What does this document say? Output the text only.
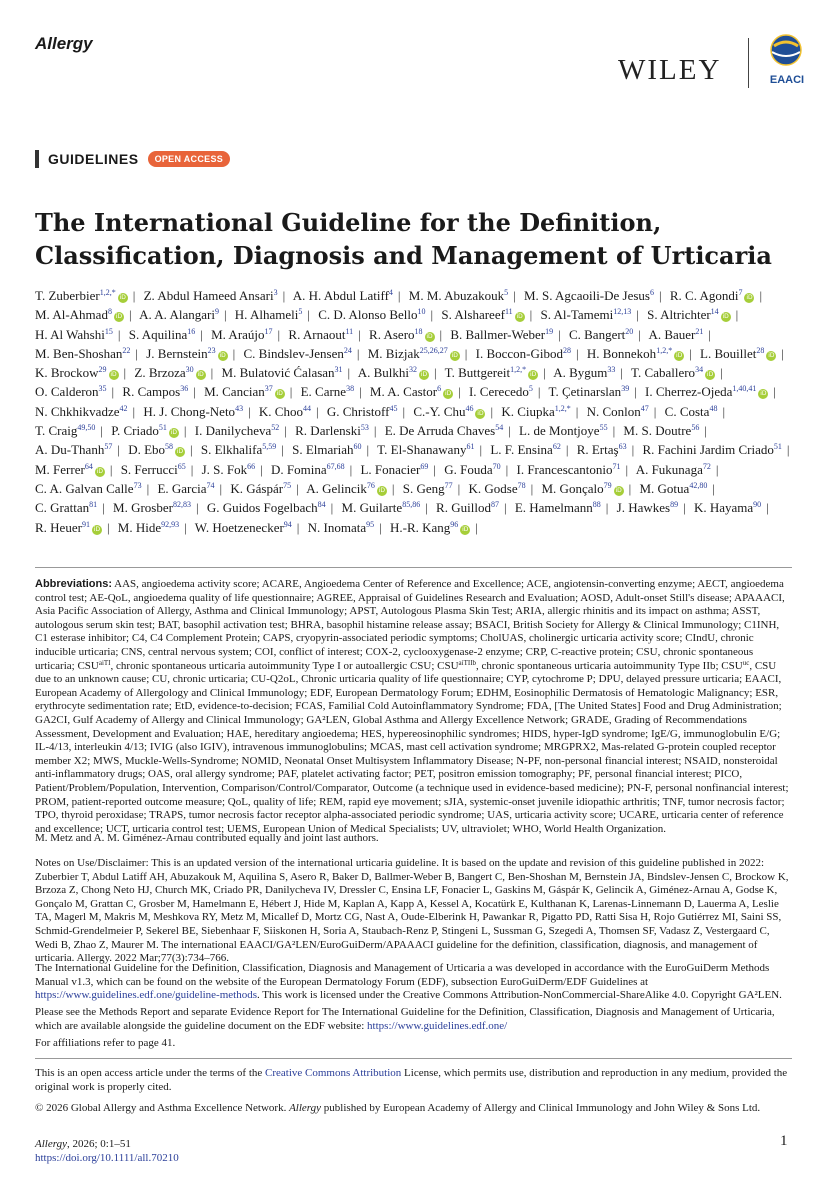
Allergy
WILEY	EAACI
GUIDELINES	OPEN ACCESS
The International Guideline for the Definition, Classification, Diagnosis and Management of Urticaria
T. Zuberbier$^{1,2,*}$iD | Z. Abdul Hameed Ansari$^3$ | A. H. Abdul Latiff$^4$ | M. M. Abuzakouk$^5$ | M. S. Agcaoili-De Jesus$^6$ | R. C. Agondi$^7$iD | M. Al-Ahmad$^8$iD | A. A. Alangari$^9$ | H. Alhameli$^5$ | C. D. Alonso Bello$^{10}$ | S. Alshareef$^{11}$iD | S. Al-Tamemi$^{12,13}$ | S. Altrichter$^{14}$iD | H. Al Wahshi$^{15}$ | S. Aquilina$^{16}$ | M. Araújo$^{17}$ | R. Arnaout$^{11}$ | R. Asero$^{18}$iD | B. Ballmer-Weber$^{19}$ | C. Bangert$^{20}$ | A. Bauer$^{21}$ | M. Ben-Shoshan$^{22}$ | J. Bernstein$^{23}$iD | C. Bindslev-Jensen$^{24}$ | M. Bizjak$^{25,26,27}$iD | I. Boccon-Gibod$^{28}$ | H. Bonnekoh$^{1,2,*}$iD | L. Bouillet$^{28}$iD | K. Brockow$^{29}$iD | Z. Brzoza$^{30}$iD | M. Bulatović Ćalasan$^{31}$ | A. Bulkhi$^{32}$iD | T. Buttgereit$^{1,2,*}$iD | A. Bygum$^{33}$ | T. Caballero$^{34}$iD | O. Calderon$^{35}$ | R. Campos$^{36}$ | M. Cancian$^{37}$iD | E. Carne$^{38}$ | M. A. Castor$^6$iD | I. Cerecedo$^5$ | T. Çetinarslan$^{39}$ | I. Cherrez-Ojeda$^{1,40,41}$iD | N. Chkhikvadze$^{42}$ | H. J. Chong-Neto$^{43}$ | K. Choo$^{44}$ | G. Christoff$^{45}$ | C.-Y. Chu$^{46}$iD | K. Ciupka$^{1,2,*}$ | N. Conlon$^{47}$ | C. Costa$^{48}$ | T. Craig$^{49,50}$ | P. Criado$^{51}$iD | I. Danilycheva$^{52}$ | R. Darlenski$^{53}$ | E. De Arruda Chaves$^{54}$ | L. de Montjoye$^{55}$ | M. S. Doutre$^{56}$ | A. Du-Thanh$^{57}$ | D. Ebo$^{58}$iD | S. Elkhalifa$^{5,59}$ | S. Elmariah$^{60}$ | T. El-Shanawany$^{61}$ | L. F. Ensina$^{62}$ | R. Ertaş$^{63}$ | R. Fachini Jardim Criado$^{51}$ | M. Ferrer$^{64}$iD | S. Ferrucci$^{65}$ | J. S. Fok$^{66}$ | D. Fomina$^{67,68}$ | L. Fonacier$^{69}$ | G. Fouda$^{70}$ | I. Francescantonio$^{71}$ | A. Fukunaga$^{72}$ | C. A. Galvan Calle$^{73}$ | E. Garcia$^{74}$ | K. Gáspár$^{75}$ | A. Gelincik$^{76}$iD | S. Geng$^{77}$ | K. Godse$^{78}$ | M. Gonçalo$^{79}$iD | M. Gotua$^{42,80}$ | C. Grattan$^{81}$ | M. Grosber$^{82,83}$ | G. Guidos Fogelbach$^{84}$ | M. Guilarte$^{85,86}$ | R. Guillod$^{87}$ | E. Hamelmann$^{88}$ | J. Hawkes$^{89}$ | K. Hayama$^{90}$ | R. Heuer$^{91}$iD | M. Hide$^{92,93}$ | W. Hoetzenecker$^{94}$ | N. Inomata$^{95}$ | H.-R. Kang$^{96}$iD |
Abbreviations: AAS, angioedema activity score; ACARE, Angioedema Center of Reference and Excellence; ACE, angiotensin-converting enzyme; AECT, angioedema control test; AE-QoL, angioedema quality of life questionnaire; AGREE, Appraisal of Guidelines Research and Evaluation; AOSD, Adult-onset Still's disease; APAAACI, Asia Pacific Association of Allergy, Asthma and Clinical Immunology; APST, Autologous Plasma Skin Test; ARIA, allergic rhinitis and its impact on asthma; ASST, autologous serum skin test; BAT, basophil activation test; BHRA, basophil histamine release assay; BSACI, British Society for Allergy & Clinical Immunology; C1INH, C1 esterase inhibitor; C4, C4 Complement Protein; CAPS, cryopyrin-associated periodic symptoms; CholUAS, cholinergic urticaria activity score; CIndU, chronic inducible urticaria; CNS, central nervous system; COI, conflict of interest; COX-2, cyclooxygenase-2 enzyme; CRP, C-reactive protein; CSU, chronic spontaneous urticaria; $CSU^{aiTI}$, chronic spontaneous urticaria autoimmunity Type I or autoallergic CSU; $CSU^{aiTIIb}$, chronic spontaneous urticaria autoimmunity Type IIb; $CSU^{uc}$, CSU due to an unknown cause; CU, chronic urticaria; CU-Q2oL, Chronic urticaria quality of life questionnaire; CYP, cytochrome P; DPU, delayed pressure urticaria; EAACI, European Academy of Allergology and Clinical Immunology; EDF, European Dermatology Forum; EDHM, Eosinophilic Dermatosis of Hematologic Malignancy; ESR, erythrocyte sedimentation rate; EtD, evidence-to-decision; FCAS, Familial Cold Autoinflammatory Syndrome; FDA, [The United States] Food and Drug Administration; GA2CI, Gulf Academy of Allergy and Clinical Immunology; GA²LEN, Global Asthma and Allergy Excellence Network; GRADE, Grading of Recommendations Assessment, Development and Evaluation; HAE, hereditary angioedema; HES, hypereosinophilic syndromes; HIDS, hyper-IgD syndrome; IgE/G, immunoglobulin E/G; IL-4/13, interleukin 4/13; IVIG (also IGIV), intravenous immunoglobulins; MCAS, mast cell activation syndrome; MRGPRX2, Mas-related G-protein coupled receptor member X2; MWS, Muckle-Wells-Syndrome; NOMID, Neonatal Onset Multisystem Inflammatory Disease; N-PF, non-personal financial interest; NSAID, nonsteroidal anti-inflammatory drugs; OAS, oral allergy syndrome; PAF, platelet activating factor; PET, positron emission tomography; PF, personal financial interest; PICO, Patient/Problem/Population, Intervention, Comparison/Control/Comparator, Outcome (a technique used in evidence-based medicine); PN-F, personal nonfinancial interest; PROM, patient-reported outcome measure; QoL, quality of life; REM, rapid eye movement; sJIA, systemic-onset juvenile idiopathic arthritis; TNF, tumor necrosis factor; TPO, thyroid peroxidase; TRAPS, tumor necrosis factor receptor alpha-associated periodic syndrome; UAS, urticaria activity score; UCARE, urticaria center of reference and excellence; UCT, urticaria control test; UEMS, European Union of Medical Specialists; UV, ultraviolet; WHO, World Health Organization.
M. Metz and A. M. Giménez-Arnau contributed equally and joint last authors.
Notes on Use/Disclaimer: This is an updated version of the international urticaria guideline. It is based on the update and revision of this guideline published in 2022: Zuberbier T, Abdul Latiff AH, Abuzakouk M, Aquilina S, Asero R, Baker D, Ballmer-Weber B, Bangert C, Ben-Shoshan M, Bernstein JA, Bindslev-Jensen C, Brockow K, Brzoza Z, Chong Neto HJ, Church MK, Criado PR, Danilycheva IV, Dressler C, Ensina LF, Fonacier L, Gaskins M, Gáspár K, Gelincik A, Giménez-Arnau A, Godse K, Gonçalo M, Grattan C, Grosber M, Hamelmann E, Hébert J, Hide M, Kaplan A, Kapp A, Kessel A, Kocatürk E, Kulthanan K, Larenas-Linnemann D, Lauerma A, Leslie TA, Magerl M, Makris M, Meshkova RY, Metz M, Micallef D, Mortz CG, Nast A, Oude-Elberink H, Pawankar R, Pigatto PD, Ratti Sisa H, Rojo Gutiérrez MI, Saini SS, Schmid-Grendelmeier P, Sekerel BE, Siebenhaar F, Siiskonen H, Soria A, Staubach-Renz P, Stingeni L, Sussman G, Szegedi A, Thomsen SF, Vadasz Z, Vestergaard C, Wedi B, Zhao Z, Maurer M. The international EAACI/GA²LEN/EuroGuiDerm/APAAACI guideline for the definition, classification, diagnosis, and management of urticaria. Allergy. 2022 Mar;77(3):734–766.
The International Guideline for the Definition, Classification, Diagnosis and Management of Urticaria a was developed in accordance with the EuroGuiDerm Methods Manual v1.3, which can be found on the website of the European Dermatology Forum (EDF), subsection EuroGuiDerm/EDF Guidelines at https://www.guidelines.edf.one/guideline-methods. This work is licensed under the Creative Commons Attribution-NonCommercial-ShareAlike 4.0. Copyright GA²LEN.
Please see the Methods Report and separate Evidence Report for The International Guideline for the Definition, Classification, Diagnosis and Management of Urticaria, which are available alongside the guideline document on the EDF website: https://www.guidelines.edf.one/
For affiliations refer to page 41.
This is an open access article under the terms of the Creative Commons Attribution License, which permits use, distribution and reproduction in any medium, provided the original work is properly cited.
© 2026 Global Allergy and Asthma Excellence Network. Allergy published by European Academy of Allergy and Clinical Immunology and John Wiley & Sons Ltd.
Allergy, 2026; 0:1–51
https://doi.org/10.1111/all.70210
1
